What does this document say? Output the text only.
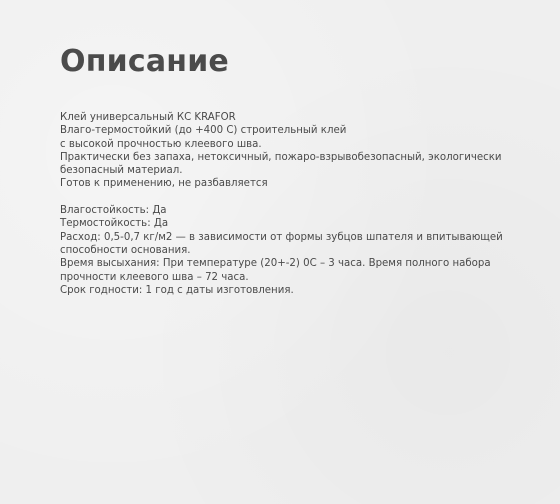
Описание

Клей универсальный КС KRAFOR

Влаго-термостойкий (до +400 С) строительный клей

с высокой прочностью клеевого шва.

Практически без запаха, нетоксичный, пожаро-взрывобезопасный, экологически

безопасный материал.

Готов к применению, не разбавляется

Влагостойкость: Да

Термостойкость: Да

Расход: 0,5-0,7 кг/м2 — в зависимости от формы зубцов шпателя и впитывающей

способности основания.

Время высыхания: При температуре (20+-2) 0С – 3 часа. Время полного набора

прочности клеевого шва – 72 часа.

Срок годности: 1 год с даты изготовления.
